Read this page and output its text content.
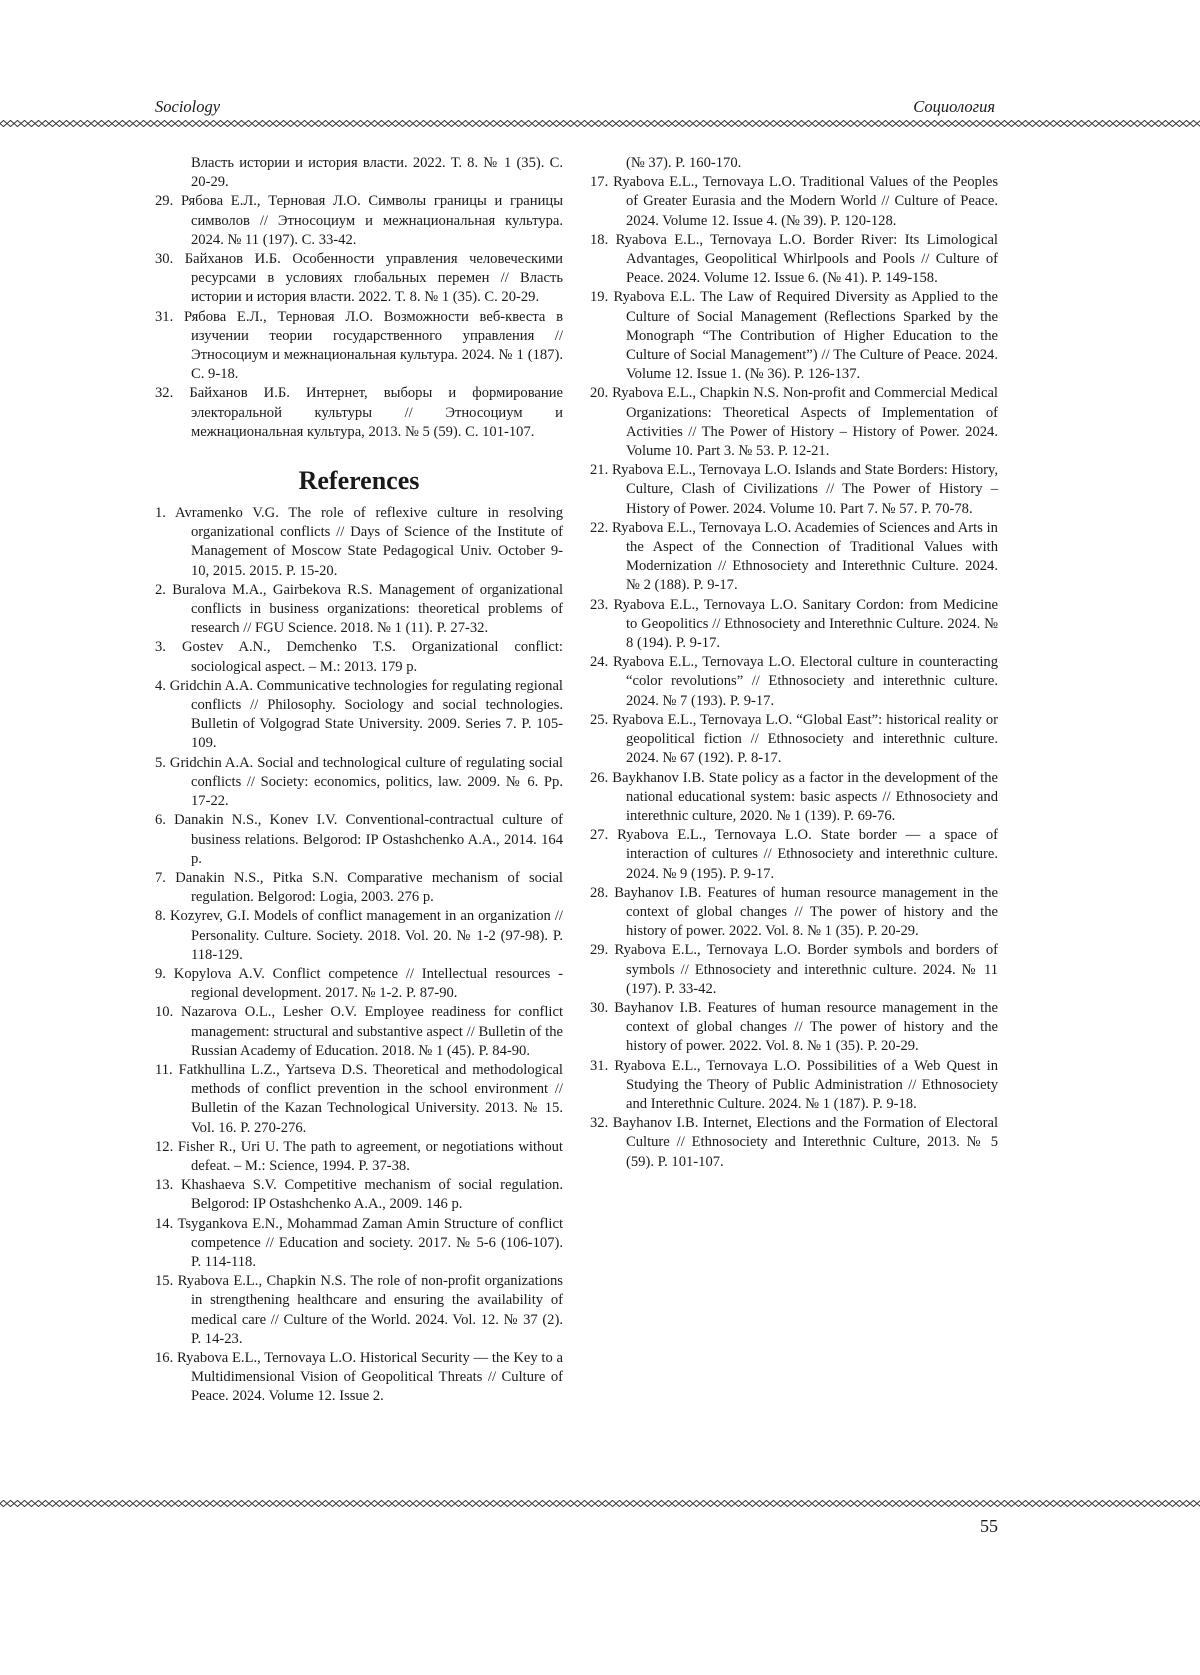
Sociology	Социология

Власть истории и история власти. 2022. Т. 8. № 1 (35). С. 20-29.

29. Рябова Е.Л., Терновая Л.О. Символы границы и границы символов // Этносоциум и межнациональная культура. 2024. № 11 (197). С. 33-42.

30. Байханов И.Б. Особенности управления человеческими ресурсами в условиях глобальных перемен // Власть истории и история власти. 2022. Т. 8. № 1 (35). С. 20-29.

31. Рябова Е.Л., Терновая Л.О. Возможности веб-квеста в изучении теории государственного управления // Этносоциум и межнациональная культура. 2024. № 1 (187). С. 9-18.

32. Байханов И.Б. Интернет, выборы и формирование электоральной культуры // Этносоциум и межнациональная культура, 2013. № 5 (59). С. 101-107.

References

1. Avramenko V.G. The role of reflexive culture in resolving organizational conflicts // Days of Science of the Institute of Management of Moscow State Pedagogical Univ. October 9-10, 2015. 2015. P. 15-20.

2. Buralova M.A., Gairbekova R.S. Management of organizational conflicts in business organizations: theoretical problems of research // FGU Science. 2018. № 1 (11). P. 27-32.

3. Gostev A.N., Demchenko T.S. Organizational conflict: sociological aspect. – M.: 2013. 179 p.

4. Gridchin A.A. Communicative technologies for regulating regional conflicts // Philosophy. Sociology and social technologies. Bulletin of Volgograd State University. 2009. Series 7. P. 105-109.

5. Gridchin A.A. Social and technological culture of regulating social conflicts // Society: economics, politics, law. 2009. № 6. Pp. 17-22.

6. Danakin N.S., Konev I.V. Conventional-contractual culture of business relations. Belgorod: IP Ostashchenko A.A., 2014. 164 p.

7. Danakin N.S., Pitka S.N. Comparative mechanism of social regulation. Belgorod: Logia, 2003. 276 p.

8. Kozyrev, G.I. Models of conflict management in an organization // Personality. Culture. Society. 2018. Vol. 20. № 1-2 (97-98). P. 118-129.

9. Kopylova A.V. Conflict competence // Intellectual resources - regional development. 2017. № 1-2. P. 87-90.

10. Nazarova O.L., Lesher O.V. Employee readiness for conflict management: structural and substantive aspect // Bulletin of the Russian Academy of Education. 2018. № 1 (45). P. 84-90.

11. Fatkhullina L.Z., Yartseva D.S. Theoretical and methodological methods of conflict prevention in the school environment // Bulletin of the Kazan Technological University. 2013. № 15. Vol. 16. P. 270-276.

12. Fisher R., Uri U. The path to agreement, or negotiations without defeat. – M.: Science, 1994. P. 37-38.

13. Khashaeva S.V. Competitive mechanism of social regulation. Belgorod: IP Ostashchenko A.A., 2009. 146 p.

14. Tsygankova E.N., Mohammad Zaman Amin Structure of conflict competence // Education and society. 2017. № 5-6 (106-107). P. 114-118.

15. Ryabova E.L., Chapkin N.S. The role of non-profit organizations in strengthening healthcare and ensuring the availability of medical care // Culture of the World. 2024. Vol. 12. № 37 (2). P. 14-23.

16. Ryabova E.L., Ternovaya L.O. Historical Security — the Key to a Multidimensional Vision of Geopolitical Threats // Culture of Peace. 2024. Volume 12. Issue 2.

(№ 37). P. 160-170.

17. Ryabova E.L., Ternovaya L.O. Traditional Values of the Peoples of Greater Eurasia and the Modern World // Culture of Peace. 2024. Volume 12. Issue 4. (№ 39). P. 120-128.

18. Ryabova E.L., Ternovaya L.O. Border River: Its Limological Advantages, Geopolitical Whirlpools and Pools // Culture of Peace. 2024. Volume 12. Issue 6. (№ 41). P. 149-158.

19. Ryabova E.L. The Law of Required Diversity as Applied to the Culture of Social Management (Reflections Sparked by the Monograph “The Contribution of Higher Education to the Culture of Social Management”) // The Culture of Peace. 2024. Volume 12. Issue 1. (№ 36). P. 126-137.

20. Ryabova E.L., Chapkin N.S. Non-profit and Commercial Medical Organizations: Theoretical Aspects of Implementation of Activities // The Power of History – History of Power. 2024. Volume 10. Part 3. № 53. P. 12-21.

21. Ryabova E.L., Ternovaya L.O. Islands and State Borders: History, Culture, Clash of Civilizations // The Power of History – History of Power. 2024. Volume 10. Part 7. № 57. P. 70-78.

22. Ryabova E.L., Ternovaya L.O. Academies of Sciences and Arts in the Aspect of the Connection of Traditional Values with Modernization // Ethnosociety and Interethnic Culture. 2024. № 2 (188). P. 9-17.

23. Ryabova E.L., Ternovaya L.O. Sanitary Cordon: from Medicine to Geopolitics // Ethnosociety and Interethnic Culture. 2024. № 8 (194). P. 9-17.

24. Ryabova E.L., Ternovaya L.O. Electoral culture in counteracting “color revolutions” // Ethnosociety and interethnic culture. 2024. № 7 (193). P. 9-17.

25. Ryabova E.L., Ternovaya L.O. “Global East”: historical reality or geopolitical fiction // Ethnosociety and interethnic culture. 2024. № 67 (192). P. 8-17.

26. Baykhanov I.B. State policy as a factor in the development of the national educational system: basic aspects // Ethnosociety and interethnic culture, 2020. № 1 (139). P. 69-76.

27. Ryabova E.L., Ternovaya L.O. State border — a space of interaction of cultures // Ethnosociety and interethnic culture. 2024. № 9 (195). P. 9-17.

28. Bayhanov I.B. Features of human resource management in the context of global changes // The power of history and the history of power. 2022. Vol. 8. № 1 (35). P. 20-29.

29. Ryabova E.L., Ternovaya L.O. Border symbols and borders of symbols // Ethnosociety and interethnic culture. 2024. № 11 (197). P. 33-42.

30. Bayhanov I.B. Features of human resource management in the context of global changes // The power of history and the history of power. 2022. Vol. 8. № 1 (35). P. 20-29.

31. Ryabova E.L., Ternovaya L.O. Possibilities of a Web Quest in Studying the Theory of Public Administration // Ethnosociety and Interethnic Culture. 2024. № 1 (187). P. 9-18.

32. Bayhanov I.B. Internet, Elections and the Formation of Electoral Culture // Ethnosociety and Interethnic Culture, 2013. № 5 (59). P. 101-107.

55
